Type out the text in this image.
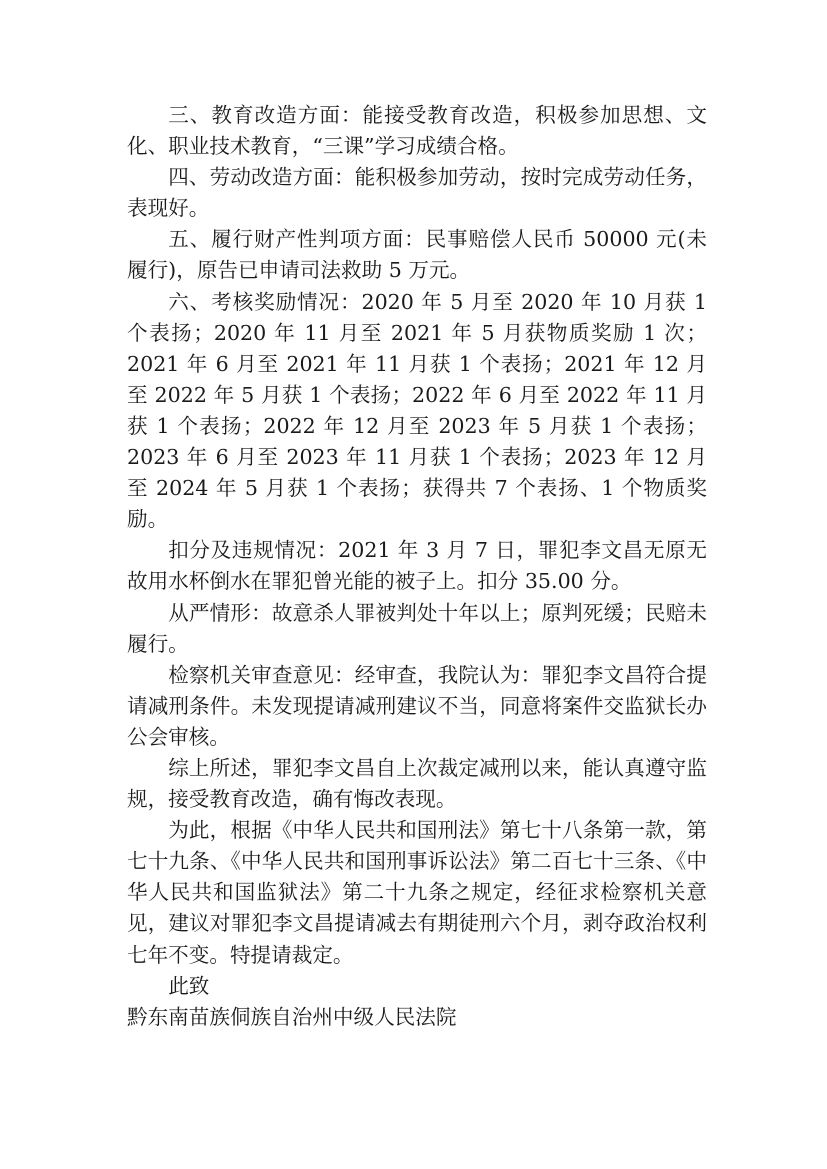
三、教育改造方面：能接受教育改造，积极参加思想、文化、职业技术教育，“三课”学习成绩合格。

四、劳动改造方面：能积极参加劳动，按时完成劳动任务，表现好。

五、履行财产性判项方面：民事赔偿人民币 50000 元(未履行)，原告已申请司法救助 5 万元。

六、考核奖励情况：2020 年 5 月至 2020 年 10 月获 1 个表扬；2020 年 11 月至 2021 年 5 月获物质奖励 1 次；2021 年 6 月至 2021 年 11 月获 1 个表扬；2021 年 12 月至 2022 年 5 月获 1 个表扬；2022 年 6 月至 2022 年 11 月获 1 个表扬；2022 年 12 月至 2023 年 5 月获 1 个表扬；2023 年 6 月至 2023 年 11 月获 1 个表扬；2023 年 12 月至 2024 年 5 月获 1 个表扬；获得共 7 个表扬、1 个物质奖励。

扣分及违规情况：2021 年 3 月 7 日，罪犯李文昌无原无故用水杯倒水在罪犯曾光能的被子上。扣分 35.00 分。

从严情形：故意杀人罪被判处十年以上；原判死缓；民赔未履行。

检察机关审查意见：经审查，我院认为：罪犯李文昌符合提请减刑条件。未发现提请减刑建议不当，同意将案件交监狱长办公会审核。

综上所述，罪犯李文昌自上次裁定减刑以来，能认真遵守监规，接受教育改造，确有悔改表现。

为此，根据《中华人民共和国刑法》第七十八条第一款，第七十九条、《中华人民共和国刑事诉讼法》第二百七十三条、《中华人民共和国监狱法》第二十九条之规定，经征求检察机关意见，建议对罪犯李文昌提请减去有期徒刑六个月，剥夺政治权利七年不变。特提请裁定。

此致

黔东南苗族侗族自治州中级人民法院
